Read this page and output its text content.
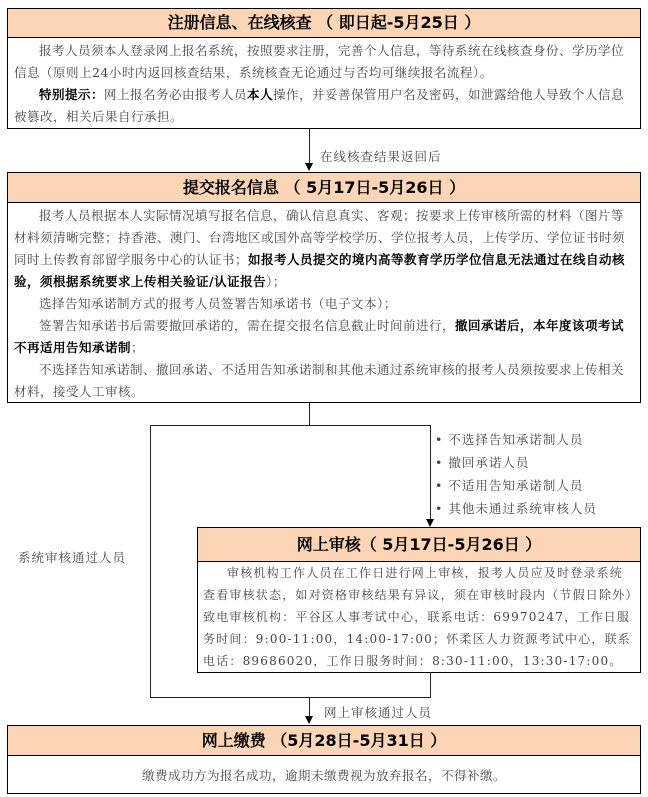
注册信息、在线核查 （ 即日起-5月25日 ）

报考人员须本人登录网上报名系统，按照要求注册，完善个人信息，等待系统在线核查身份、学历学位信息（原则上24小时内返回核查结果，系统核查无论通过与否均可继续报名流程）。

特别提示：网上报名务必由报考人员本人操作，并妥善保管用户名及密码，如泄露给他人导致个人信息被篡改，相关后果自行承担。

在线核查结果返回后
提交报名信息 （ 5月17日-5月26日 ）

报考人员根据本人实际情况填写报名信息，确认信息真实、客观；按要求上传审核所需的材料（图片等材料须清晰完整；持香港、澳门、台湾地区或国外高等学校学历、学位报考人员，上传学历、学位证书时须同时上传教育部留学服务中心的认证书；如报考人员提交的境内高等教育学历学位信息无法通过在线自动核验，须根据系统要求上传相关验证/认证报告）；

选择告知承诺制方式的报考人员签署告知承诺书（电子文本）；

签署告知承诺书后需要撤回承诺的，需在提交报名信息截止时间前进行，撤回承诺后，本年度该项考试不再适用告知承诺制；

不选择告知承诺制、撤回承诺、不适用告知承诺制和其他未通过系统审核的报考人员须按要求上传相关材料，接受人工审核。

系统审核通过人员
• 不选择告知承诺制人员
• 撤回承诺人员
• 不适用告知承诺制人员
• 其他未通过系统审核人员
网上审核（ 5月17日-5月26日 ）

审核机构工作人员在工作日进行网上审核，报考人员应及时登录系统查看审核状态，如对资格审核结果有异议，须在审核时段内（节假日除外）致电审核机构：平谷区人事考试中心，联系电话：69970247，工作日服务时间：9:00-11:00，14:00-17:00；怀柔区人力资源考试中心，联系电话：89686020，工作日服务时间：8:30-11:00，13:30-17:00。

网上审核通过人员
网上缴费 （5月28日-5月31日 ）

缴费成功方为报名成功，逾期未缴费视为放弃报名，不得补缴。
